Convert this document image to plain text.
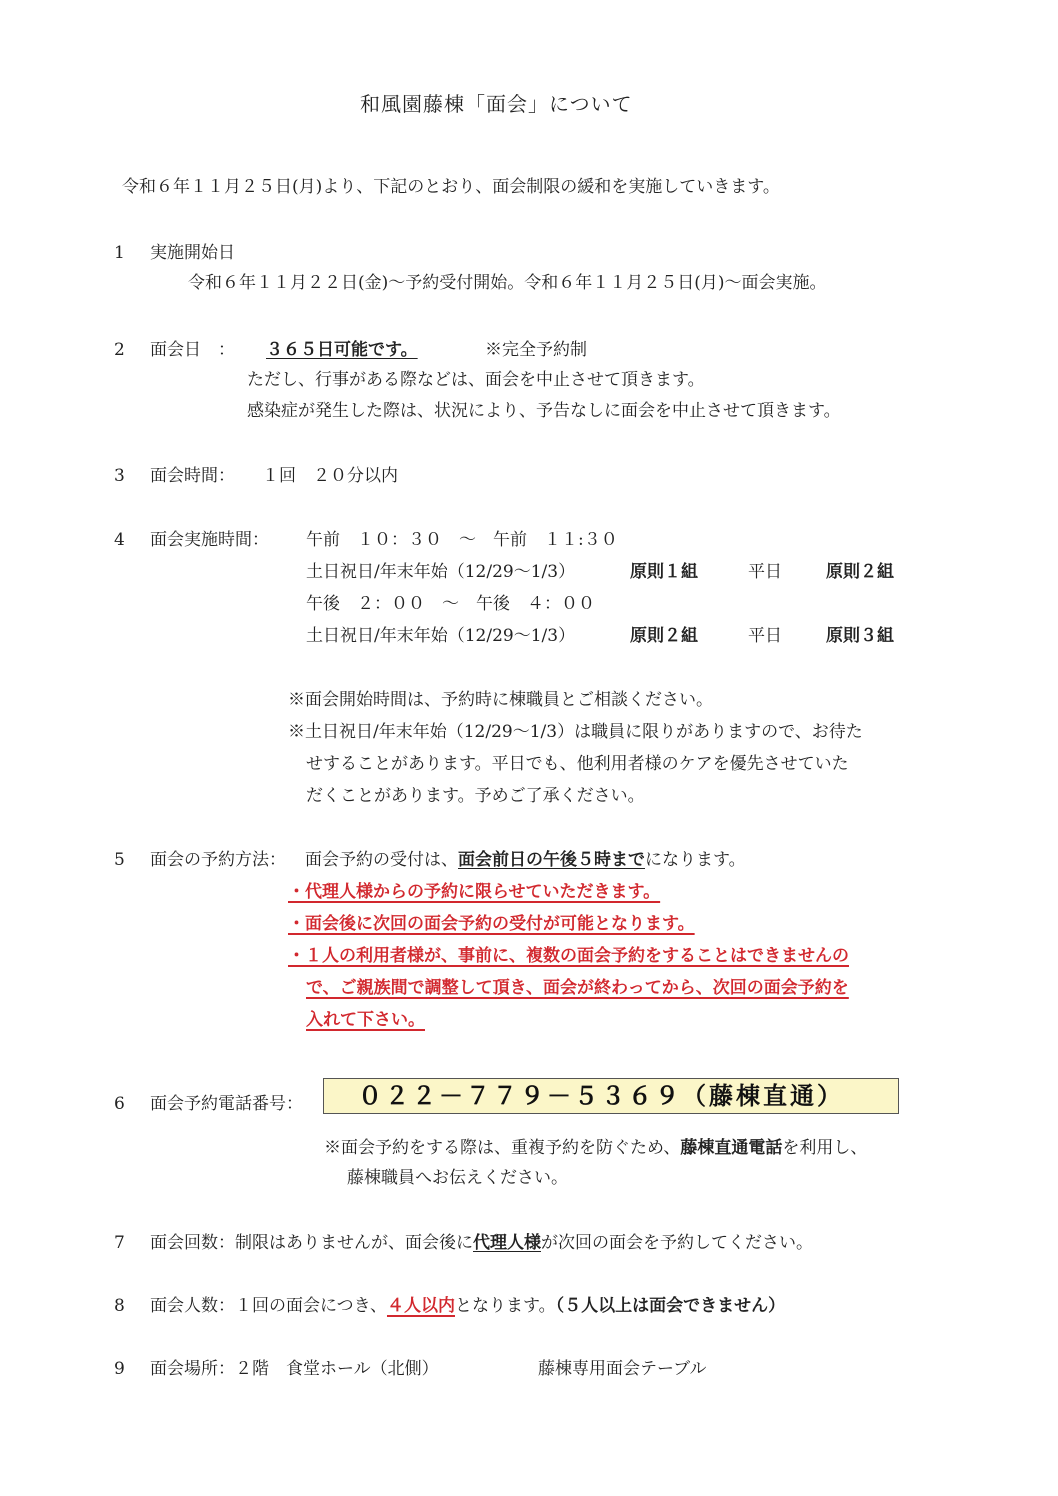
和風園藤棟「面会」について
令和６年１１月２５日(月)より、下記のとおり、面会制限の緩和を実施していきます。
1	実施開始日
令和６年１１月２２日(金)～予約受付開始。令和６年１１月２５日(月)～面会実施。
2	面会日　： ３６５日可能です。	※完全予約制
ただし、行事がある際などは、面会を中止させて頂きます。
感染症が発生した際は、状況により、予告なしに面会を中止させて頂きます。
3	面会時間： １回　２０分以内
4	面会実施時間： 午前　１０：３０　～　午前　１１:３０
土日祝日/年末年始（12/29～1/3）	原則１組	平日	原則２組
午後　２：００　～　午後　４：００
土日祝日/年末年始（12/29～1/3）	原則２組	平日	原則３組
※面会開始時間は、予約時に棟職員とご相談ください。
※土日祝日/年末年始（12/29～1/3）は職員に限りがありますので、お待た
せすることがあります。平日でも、他利用者様のケアを優先させていた
だくことがあります。予めご了承ください。
5	面会の予約方法： 面会予約の受付は、面会前日の午後５時までになります。
・代理人様からの予約に限らせていただきます。
・面会後に次回の面会予約の受付が可能となります。
・１人の利用者様が、事前に、複数の面会予約をすることはできませんの
で、ご親族間で調整して頂き、面会が終わってから、次回の面会予約を
入れて下さい。
6	面会予約電話番号：	０２２－７７９－５３６９（藤棟直通）
※面会予約をする際は、重複予約を防ぐため、藤棟直通電話を利用し、
藤棟職員へお伝えください。
7	面会回数：制限はありませんが、面会後に代理人様が次回の面会を予約してください。
8	面会人数：１回の面会につき、４人以内となります。（５人以上は面会できません）
9	面会場所：２階　食堂ホール（北側）	藤棟専用面会テーブル
